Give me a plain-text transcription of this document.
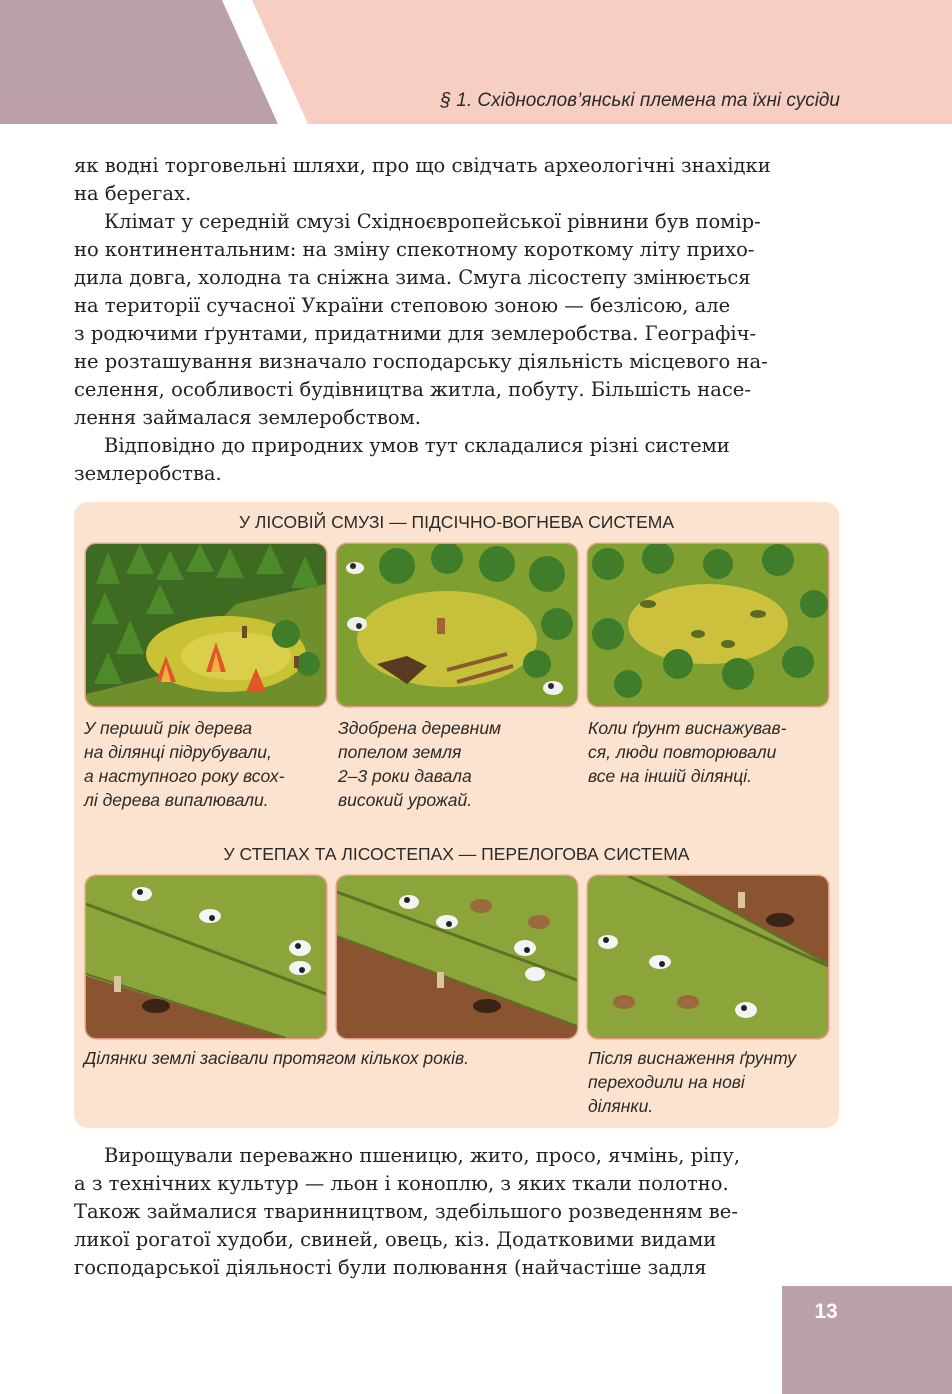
§ 1. Східнослов’янські племена та їхні сусіди

як водні торговельні шляхи, про що свідчать археологічні знахідки
на берегах.

Клімат у середній смузі Східноєвропейської рівнини був помір-
но континентальним: на зміну спекотному короткому літу прихо-
дила довга, холодна та сніжна зима. Смуга лісостепу змінюється
на території сучасної України степовою зоною — безлісою, але
з родючими ґрунтами, придатними для землеробства. Географіч-
не розташування визначало господарську діяльність місцевого на-
селення, особливості будівництва житла, побуту. Більшість насе-
лення займалася землеробством.

Відповідно до природних умов тут складалися різні системи
землеробства.

У ЛІСОВІЙ СМУЗІ — ПІДСІЧНО-ВОГНЕВА СИСТЕМА

У перший рік дерева

на ділянці підрубували,

а наступного року всох-

лі дерева випалювали.

Здобрена деревним

попелом земля

2–3 роки давала

високий урожай.

Коли ґрунт виснажував-

ся, люди повторювали

все на іншій ділянці.

У СТЕПАХ ТА ЛІСОСТЕПАХ — ПЕРЕЛОГОВА СИСТЕМА

Ділянки землі засівали протягом кількох років.	Після виснаження ґрунту

переходили на нові

ділянки.

Вирощували переважно пшеницю, жито, просо, ячмінь, ріпу,
а з технічних культур — льон і коноплю, з яких ткали полотно.
Також займалися тваринництвом, здебільшого розведенням ве-
ликої рогатої худоби, свиней, овець, кіз. Додатковими видами
господарської діяльності були полювання (найчастіше задля

13
